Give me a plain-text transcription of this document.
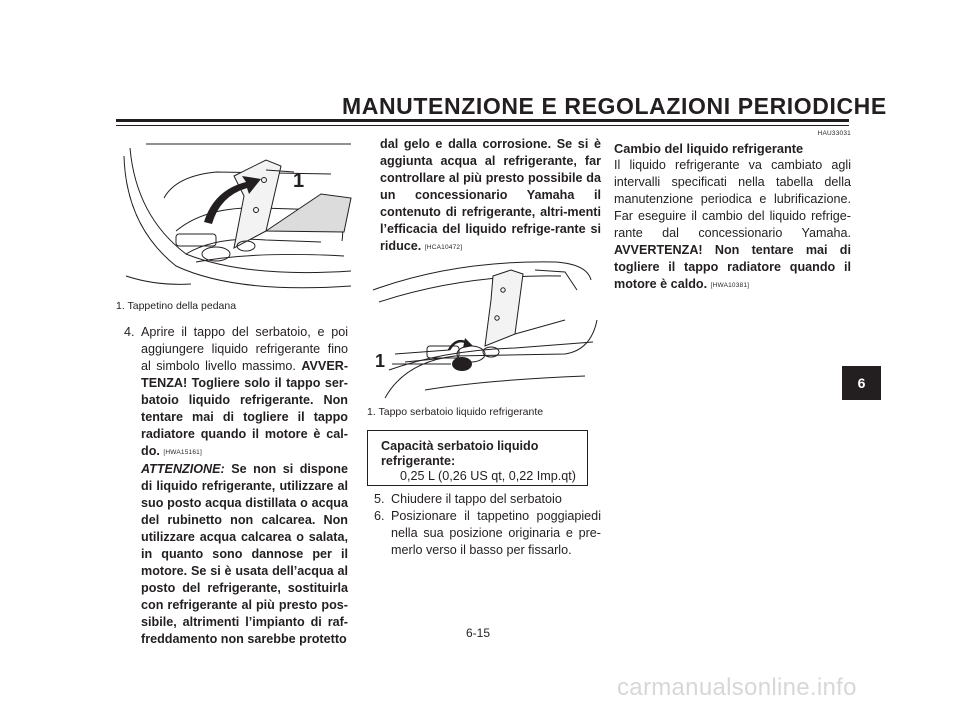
MANUTENZIONE E REGOLAZIONI PERIODICHE
6
1
1. Tappetino della pedana
4. Aprire il tappo del serbatoio, e poi aggiungere liquido refrigerante fino al simbolo livello massimo. AVVER-TENZA! Togliere solo il tappo ser-batoio liquido refrigerante. Non tentare mai di togliere il tappo radiatore quando il motore è cal-do. [HWA15161]
ATTENZIONE: Se non si dispone di liquido refrigerante, utilizzare al suo posto acqua distillata o acqua del rubinetto non calcarea. Non utilizzare acqua calcarea o salata, in quanto sono dannose per il motore. Se si è usata dell’acqua al posto del refrigerante, sostituirla con refrigerante al più presto pos-sibile, altrimenti l’impianto di raf-freddamento non sarebbe protetto
dal gelo e dalla corrosione. Se si è aggiunta acqua al refrigerante, far controllare al più presto possibile da un concessionario Yamaha il contenuto di refrigerante, altri-menti l’efficacia del liquido refrige-rante si riduce. [HCA10472]
1
1. Tappo serbatoio liquido refrigerante
Capacità serbatoio liquido refrigerante:
0,25 L (0,26 US qt, 0,22 Imp.qt)
5. Chiudere il tappo del serbatoio
6. Posizionare il tappetino poggiapiedi nella sua posizione originaria e pre-merlo verso il basso per fissarlo.
HAU33031
Cambio del liquido refrigerante

Il liquido refrigerante va cambiato agli intervalli specificati nella tabella della manutenzione periodica e lubrificazione. Far eseguire il cambio del liquido refrige-rante dal concessionario Yamaha. AVVERTENZA! Non tentare mai di togliere il tappo radiatore quando il motore è caldo. [HWA10381]

6-15
carmanualsonline.info
